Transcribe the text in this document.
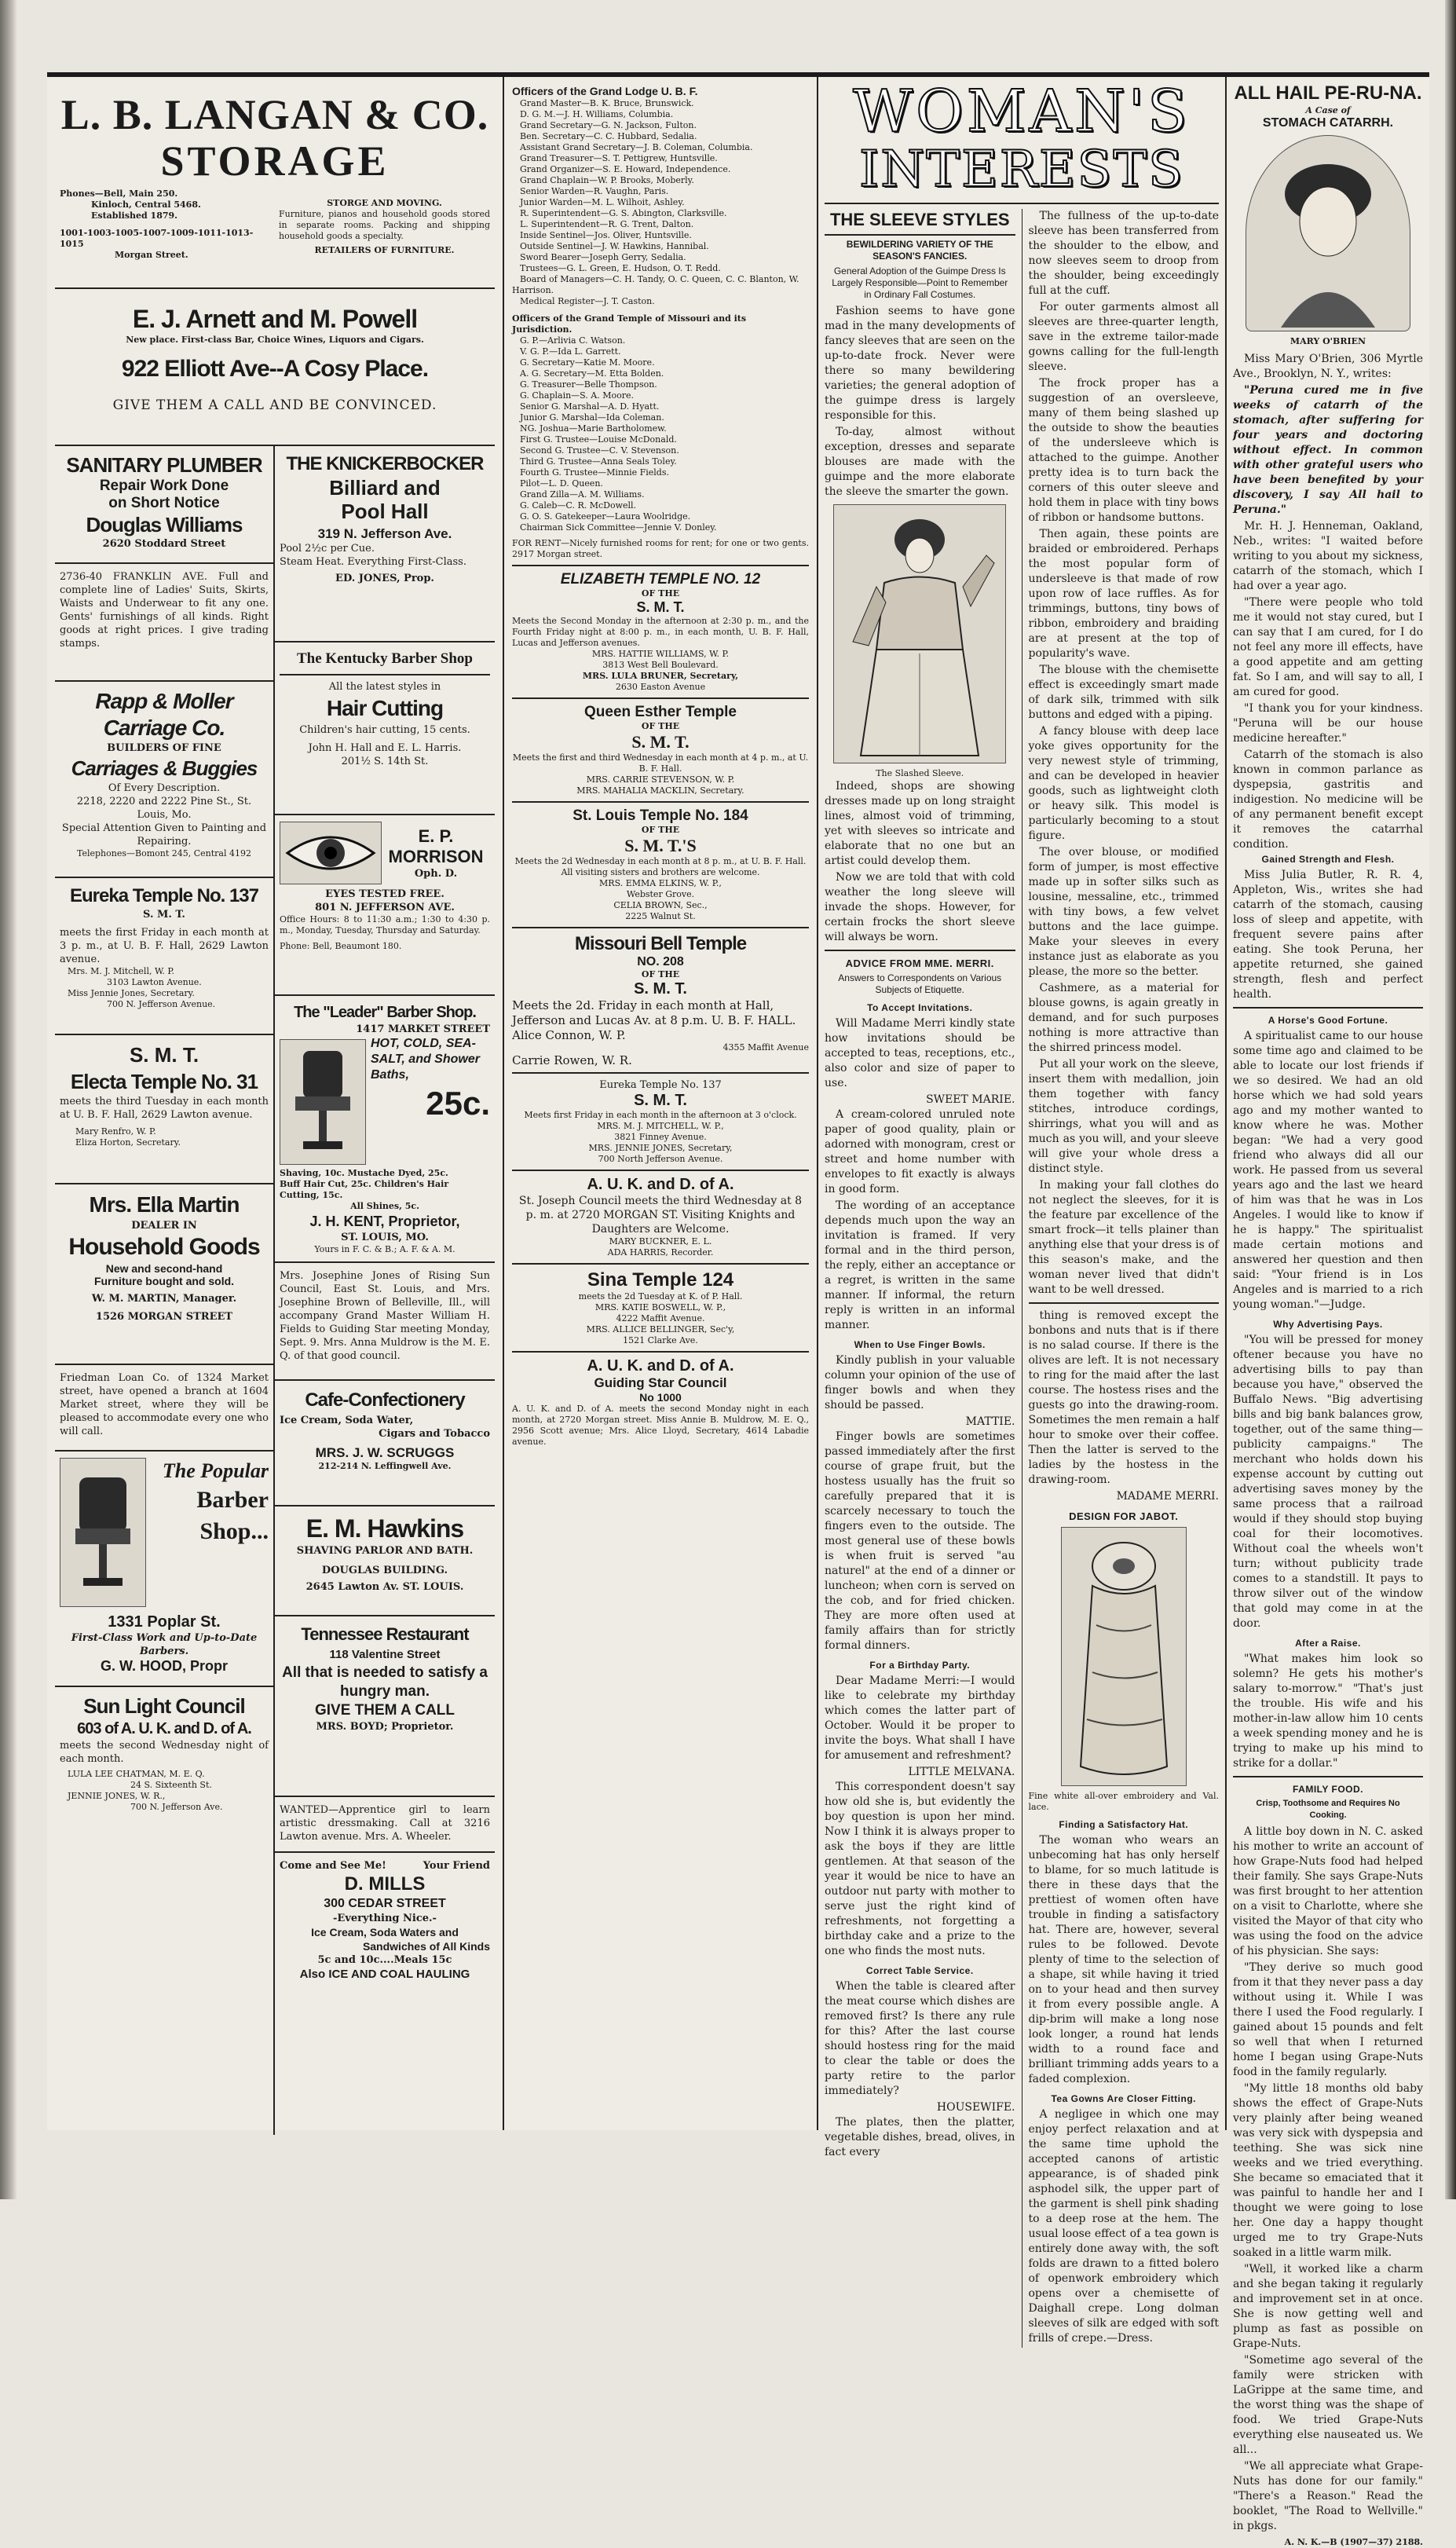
L. B. LANGAN & CO.
STORAGE
Phones—Bell, Main 250.
Kinloch, Central 5468.
Established 1879.
1001-1003-1005-1007-1009-1011-1013-1015
Morgan Street.
STORGE AND MOVING.
Furniture, pianos and household goods stored in separate rooms. Packing and shipping household goods a specialty.
RETAILERS OF FURNITURE.
E. J. Arnett and M. Powell
New place. First-class Bar, Choice Wines, Liquors and Cigars.
922 Elliott Ave--A Cosy Place.
GIVE THEM A CALL AND BE CONVINCED.
SANITARY PLUMBER
Repair Work Done
on Short Notice
Douglas Williams
2620 Stoddard Street
2736-40 FRANKLIN AVE. Full and complete line of Ladies' Suits, Skirts, Waists and Underwear to fit any one. Gents' furnishings of all kinds. Right goods at right prices. I give trading stamps.
Rapp & Moller
Carriage Co.
BUILDERS OF FINE
Carriages & Buggies
Of Every Description.
2218, 2220 and 2222 Pine St., St. Louis, Mo.
Special Attention Given to Painting and Repairing.
Telephones—Bomont 245, Central 4192
Eureka Temple No. 137
S. M. T.
meets the first Friday in each month at 3 p. m., at U. B. F. Hall, 2629 Lawton avenue.
Mrs. M. J. Mitchell, W. P.
3103 Lawton Avenue.
Miss Jennie Jones, Secretary.
700 N. Jefferson Avenue.
S. M. T.
Electa Temple No. 31
meets the third Tuesday in each month at U. B. F. Hall, 2629 Lawton avenue.
Mary Renfro, W. P.
Eliza Horton, Secretary.
Mrs. Ella Martin
DEALER IN
Household Goods
New and second-hand
Furniture bought and sold.
W. M. MARTIN, Manager.
1526 MORGAN STREET
Friedman Loan Co. of 1324 Market street, have opened a branch at 1604 Market street, where they will be pleased to accommodate every one who will call.
The Popular
Barber
Shop...
1331 Poplar St.
First-Class Work and Up-to-Date Barbers.
G. W. HOOD, Propr
Sun Light Council
603 of A. U. K. and D. of A.
meets the second Wednesday night of each month.
LULA LEE CHATMAN, M. E. Q.
24 S. Sixteenth St.
JENNIE JONES, W. R.,
700 N. Jefferson Ave.
THE KNICKERBOCKER
Billiard and
Pool Hall
319 N. Jefferson Ave.
Pool 2½c per Cue.
Steam Heat. Everything First-Class.
ED. JONES, Prop.
The Kentucky Barber Shop
All the latest styles in
Hair Cutting
Children's hair cutting, 15 cents.
John H. Hall and E. L. Harris.
201½ S. 14th St.
E. P.
MORRISON
Oph. D.
EYES TESTED FREE.
801 N. JEFFERSON AVE.
Office Hours: 8 to 11:30 a.m.; 1:30 to 4:30 p. m., Monday, Tuesday, Thursday and Saturday.
Phone: Bell, Beaumont 180.
The "Leader" Barber Shop.
1417 MARKET STREET
HOT, COLD, SEA-SALT, and Shower Baths,
25c.
Shaving, 10c. Mustache Dyed, 25c.
Buff Hair Cut, 25c. Children's Hair Cutting, 15c.
All Shines, 5c.
J. H. KENT, Proprietor,
ST. LOUIS, MO.
Yours in F. C. & B.; A. F. & A. M.
Mrs. Josephine Jones of Rising Sun Council, East St. Louis, and Mrs. Josephine Brown of Belleville, Ill., will accompany Grand Master William H. Fields to Guiding Star meeting Monday, Sept. 9. Mrs. Anna Muldrow is the M. E. Q. of that good council.
Cafe-Confectionery
Ice Cream, Soda Water,
Cigars and Tobacco
MRS. J. W. SCRUGGS
212-214 N. Leffingwell Ave.
E. M. Hawkins
SHAVING PARLOR AND BATH.
DOUGLAS BUILDING.
2645 Lawton Av. ST. LOUIS.
Tennessee Restaurant
118 Valentine Street
All that is needed to satisfy a hungry man.
GIVE THEM A CALL
MRS. BOYD; Proprietor.
WANTED—Apprentice girl to learn artistic dressmaking. Call at 3216 Lawton avenue. Mrs. A. Wheeler.
Come and See Me!	Your Friend
D. MILLS
300 CEDAR STREET
-Everything Nice.-
Ice Cream, Soda Waters and
Sandwiches of All Kinds
5c and 10c....Meals 15c
Also ICE AND COAL HAULING
Officers of the Grand Lodge U. B. F.
Grand Master—B. K. Bruce, Brunswick.
D. G. M.—J. H. Williams, Columbia.
Grand Secretary—G. N. Jackson, Fulton.
Ben. Secretary—C. C. Hubbard, Sedalia.
Assistant Grand Secretary—J. B. Coleman, Columbia.
Grand Treasurer—S. T. Pettigrew, Huntsville.
Grand Organizer—S. E. Howard, Independence.
Grand Chaplain—W. P. Brooks, Moberly.
Senior Warden—R. Vaughn, Paris.
Junior Warden—M. L. Wilhoit, Ashley.
R. Superintendent—G. S. Abington, Clarksville.
L. Superintendent—R. G. Trent, Dalton.
Inside Sentinel—Jos. Oliver, Huntsville.
Outside Sentinel—J. W. Hawkins, Hannibal.
Sword Bearer—Joseph Gerry, Sedalia.
Trustees—G. L. Green, E. Hudson, O. T. Redd.
Board of Managers—C. H. Tandy, O. C. Queen, C. C. Blanton, W. Harrison.
Medical Register—J. T. Caston.
Officers of the Grand Temple of Missouri and its Jurisdiction.
G. P.—Arlivia C. Watson.
V. G. P.—Ida L. Garrett.
G. Secretary—Katie M. Moore.
A. G. Secretary—M. Etta Bolden.
G. Treasurer—Belle Thompson.
G. Chaplain—S. A. Moore.
Senior G. Marshal—A. D. Hyatt.
Junior G. Marshal—Ida Coleman.
NG. Joshua—Marie Bartholomew.
First G. Trustee—Louise McDonald.
Second G. Trustee—C. V. Stevenson.
Third G. Trustee—Anna Seals Toley.
Fourth G. Trustee—Minnie Fields.
Pilot—L. D. Queen.
Grand Zilla—A. M. Williams.
G. Caleb—C. R. McDowell.
G. O. S. Gatekeeper—Laura Woolridge.
Chairman Sick Committee—Jennie V. Donley.
FOR RENT—Nicely furnished rooms for rent; for one or two gents. 2917 Morgan street.
ELIZABETH TEMPLE NO. 12
OF THE
S. M. T.
Meets the Second Monday in the afternoon at 2:30 p. m., and the Fourth Friday night at 8:00 p. m., in each month, U. B. F. Hall, Lucas and Jefferson avenues.
MRS. HATTIE WILLIAMS, W. P.
3813 West Bell Boulevard.
MRS. LULA BRUNER, Secretary,
2630 Easton Avenue
Queen Esther Temple
OF THE
S. M. T.
Meets the first and third Wednesday in each month at 4 p. m., at U. B. F. Hall.
MRS. CARRIE STEVENSON, W. P.
MRS. MAHALIA MACKLIN, Secretary.
St. Louis Temple No. 184
OF THE
S. M. T.'S
Meets the 2d Wednesday in each month at 8 p. m., at U. B. F. Hall. All visiting sisters and brothers are welcome.
MRS. EMMA ELKINS, W. P.,
Webster Grove.
CELIA BROWN, Sec.,
2225 Walnut St.
Missouri Bell Temple
NO. 208
OF THE
S. M. T.
Meets the 2d. Friday in each month at Hall, Jefferson and Lucas Av. at 8 p.m. U. B. F. HALL.
Alice Connon, W. P.
4355 Maffit Avenue
Carrie Rowen, W. R.
Eureka Temple No. 137
S. M. T.
Meets first Friday in each month in the afternoon at 3 o'clock.
MRS. M. J. MITCHELL, W. P.,
3821 Finney Avenue.
MRS. JENNIE JONES, Secretary,
700 North Jefferson Avenue.
A. U. K. and D. of A.
St. Joseph Council meets the third Wednesday at 8 p. m. at 2720 MORGAN ST. Visiting Knights and Daughters are Welcome.
MARY BUCKNER, E. L.
ADA HARRIS, Recorder.
Sina Temple 124
meets the 2d Tuesday at K. of P. Hall.
MRS. KATIE BOSWELL, W. P.,
4222 Maffit Avenue.
MRS. ALLICE BELLINGER, Sec'y,
1521 Clarke Ave.
A. U. K. and D. of A.
Guiding Star Council
No 1000
A. U. K. and D. of A. meets the second Monday night in each month, at 2720 Morgan street. Miss Annie B. Muldrow, M. E. Q., 2956 Scott avenue; Mrs. Alice Lloyd, Secretary, 4614 Labadie avenue.
WOMAN'S
INTERESTS
THE SLEEVE STYLES
BEWILDERING VARIETY OF THE SEASON'S FANCIES.
General Adoption of the Guimpe Dress Is Largely Responsible—Point to Remember in Ordinary Fall Costumes.

Fashion seems to have gone mad in the many developments of fancy sleeves that are seen on the up-to-date frock. Never were there so many bewildering varieties; the general adoption of the guimpe dress is largely responsible for this.

To-day, almost without exception, dresses and separate blouses are made with the guimpe and the more elaborate the sleeve the smarter the gown.

The Slashed Sleeve.

Indeed, shops are showing dresses made up on long straight lines, almost void of trimming, yet with sleeves so intricate and elaborate that no one but an artist could develop them.

Now we are told that with cold weather the long sleeve will invade the shops. However, for certain frocks the short sleeve will always be worn.

ADVICE FROM MME. MERRI.
Answers to Correspondents on Various Subjects of Etiquette.
To Accept Invitations.

Will Madame Merri kindly state how invitations should be accepted to teas, receptions, etc., also color and size of paper to use.

SWEET MARIE.

A cream-colored unruled note paper of good quality, plain or adorned with monogram, crest or street and home number with envelopes to fit exactly is always in good form.

The wording of an acceptance depends much upon the way an invitation is framed. If very formal and in the third person, the reply, either an acceptance or a regret, is written in the same manner. If informal, the return reply is written in an informal manner.

When to Use Finger Bowls.

Kindly publish in your valuable column your opinion of the use of finger bowls and when they should be passed.

MATTIE.

Finger bowls are sometimes passed immediately after the first course of grape fruit, but the hostess usually has the fruit so carefully prepared that it is scarcely necessary to touch the fingers even to the outside. The most general use of these bowls is when fruit is served "au naturel" at the end of a dinner or luncheon; when corn is served on the cob, and for fried chicken. They are more often used at family affairs than for strictly formal dinners.

For a Birthday Party.

Dear Madame Merri:—I would like to celebrate my birthday which comes the latter part of October. Would it be proper to invite the boys. What shall I have for amusement and refreshment?

LITTLE MELVANA.

This correspondent doesn't say how old she is, but evidently the boy question is upon her mind. Now I think it is always proper to ask the boys if they are little gentlemen. At that season of the year it would be nice to have an outdoor nut party with mother to serve just the right kind of refreshments, not forgetting a birthday cake and a prize to the one who finds the most nuts.

Correct Table Service.

When the table is cleared after the meat course which dishes are removed first? Is there any rule for this? After the last course should hostess ring for the maid to clear the table or does the party retire to the parlor immediately?

HOUSEWIFE.

The plates, then the platter, vegetable dishes, bread, olives, in fact every

The fullness of the up-to-date sleeve has been transferred from the shoulder to the elbow, and now sleeves seem to droop from the shoulder, being exceedingly full at the cuff.

For outer garments almost all sleeves are three-quarter length, save in the extreme tailor-made gowns calling for the full-length sleeve.

The frock proper has a suggestion of an oversleeve, many of them being slashed up the outside to show the beauties of the undersleeve which is attached to the guimpe. Another pretty idea is to turn back the corners of this outer sleeve and hold them in place with tiny bows of ribbon or handsome buttons.

Then again, these points are braided or embroidered. Perhaps the most popular form of undersleeve is that made of row upon row of lace ruffles. As for trimmings, buttons, tiny bows of ribbon, embroidery and braiding are at present at the top of popularity's wave.

The blouse with the chemisette effect is exceedingly smart made of dark silk, trimmed with silk buttons and edged with a piping.

A fancy blouse with deep lace yoke gives opportunity for the very newest style of trimming, and can be developed in heavier goods, such as lightweight cloth or heavy silk. This model is particularly becoming to a stout figure.

The over blouse, or modified form of jumper, is most effective made up in softer silks such as lousine, messaline, etc., trimmed with tiny bows, a few velvet buttons and the lace guimpe. Make your sleeves in every instance just as elaborate as you please, the more so the better.

Cashmere, as a material for blouse gowns, is again greatly in demand, and for such purposes nothing is more attractive than the shirred princess model.

Put all your work on the sleeve, insert them with medallion, join them together with fancy stitches, introduce cordings, shirrings, what you will and as much as you will, and your sleeve will give your whole dress a distinct style.

In making your fall clothes do not neglect the sleeves, for it is the feature par excellence of the smart frock—it tells plainer than anything else that your dress is of this season's make, and the woman never lived that didn't want to be well dressed.

thing is removed except the bonbons and nuts that is if there is no salad course. If there is the olives are left. It is not necessary to ring for the maid after the last course. The hostess rises and the guests go into the drawing-room. Sometimes the men remain a half hour to smoke over their coffee. Then the latter is served to the ladies by the hostess in the drawing-room.

MADAME MERRI.
DESIGN FOR JABOT.
Fine white all-over embroidery and Val. lace.
Finding a Satisfactory Hat.

The woman who wears an unbecoming hat has only herself to blame, for so much latitude is there in these days that the prettiest of women often have trouble in finding a satisfactory hat. There are, however, several rules to be followed. Devote plenty of time to the selection of a shape, sit while having it tried on to your head and then survey it from every possible angle. A dip-brim will make a long nose look longer, a round hat lends width to a round face and brilliant trimming adds years to a faded complexion.

Tea Gowns Are Closer Fitting.

A negligee in which one may enjoy perfect relaxation and at the same time uphold the accepted canons of artistic appearance, is of shaded pink asphodel silk, the upper part of the garment is shell pink shading to a deep rose at the hem. The usual loose effect of a tea gown is entirely done away with, the soft folds are drawn to a fitted bolero of openwork embroidery which opens over a chemisette of Daighall crepe. Long dolman sleeves of silk are edged with soft frills of crepe.—Dress.

ALL HAIL PE-RU-NA.
A Case of
STOMACH CATARRH.
MARY O'BRIEN

Miss Mary O'Brien, 306 Myrtle Ave., Brooklyn, N. Y., writes:

"Peruna cured me in five weeks of catarrh of the stomach, after suffering for four years and doctoring without effect. In common with other grateful users who have been benefited by your discovery, I say All hail to Peruna."

Mr. H. J. Henneman, Oakland, Neb., writes: "I waited before writing to you about my sickness, catarrh of the stomach, which I had over a year ago.

"There were people who told me it would not stay cured, but I can say that I am cured, for I do not feel any more ill effects, have a good appetite and am getting fat. So I am, and will say to all, I am cured for good.

"I thank you for your kindness. "Peruna will be our house medicine hereafter."

Catarrh of the stomach is also known in common parlance as dyspepsia, gastritis and indigestion. No medicine will be of any permanent benefit except it removes the catarrhal condition.

Gained Strength and Flesh.

Miss Julia Butler, R. R. 4, Appleton, Wis., writes she had catarrh of the stomach, causing loss of sleep and appetite, with frequent severe pains after eating. She took Peruna, her appetite returned, she gained strength, flesh and perfect health.

A Horse's Good Fortune.

A spiritualist came to our house some time ago and claimed to be able to locate our lost friends if we so desired. We had an old horse which we had sold years ago and my mother wanted to know where he was. Mother began: "We had a very good friend who always did all our work. He passed from us several years ago and the last we heard of him was that he was in Los Angeles. I would like to know if he is happy." The spiritualist made certain motions and answered her question and then said: "Your friend is in Los Angeles and is married to a rich young woman."—Judge.

Why Advertising Pays.

"You will be pressed for money oftener because you have no advertising bills to pay than because you have," observed the Buffalo News. "Big advertising bills and big bank balances grow, together, out of the same thing—publicity campaigns." The merchant who holds down his expense account by cutting out advertising saves money by the same process that a railroad would if they should stop buying coal for their locomotives. Without coal the wheels won't turn; without publicity trade comes to a standstill. It pays to throw silver out of the window that gold may come in at the door.

After a Raise.

"What makes him look so solemn? He gets his mother's salary to-morrow." "That's just the trouble. His wife and his mother-in-law allow him 10 cents a week spending money and he is trying to make up his mind to strike for a dollar."

FAMILY FOOD.
Crisp, Toothsome and Requires No Cooking.

A little boy down in N. C. asked his mother to write an account of how Grape-Nuts food had helped their family. She says Grape-Nuts was first brought to her attention on a visit to Charlotte, where she visited the Mayor of that city who was using the food on the advice of his physician. She says:

"They derive so much good from it that they never pass a day without using it. While I was there I used the Food regularly. I gained about 15 pounds and felt so well that when I returned home I began using Grape-Nuts food in the family regularly.

"My little 18 months old baby shows the effect of Grape-Nuts very plainly after being weaned was very sick with dyspepsia and teething. She was sick nine weeks and we tried everything. She became so emaciated that it was painful to handle her and I thought we were going to lose her. One day a happy thought urged me to try Grape-Nuts soaked in a little warm milk.

"Well, it worked like a charm and she began taking it regularly and improvement set in at once. She is now getting well and plump as fast as possible on Grape-Nuts.

"Sometime ago several of the family were stricken with LaGrippe at the same time, and the worst thing was the shape of food. We tried Grape-Nuts everything else nauseated us. We all...

"We all appreciate what Grape-Nuts has done for our family." "There's a Reason." Read the booklet, "The Road to Wellville." in pkgs.

A. N. K.—B (1907—37) 2188.
